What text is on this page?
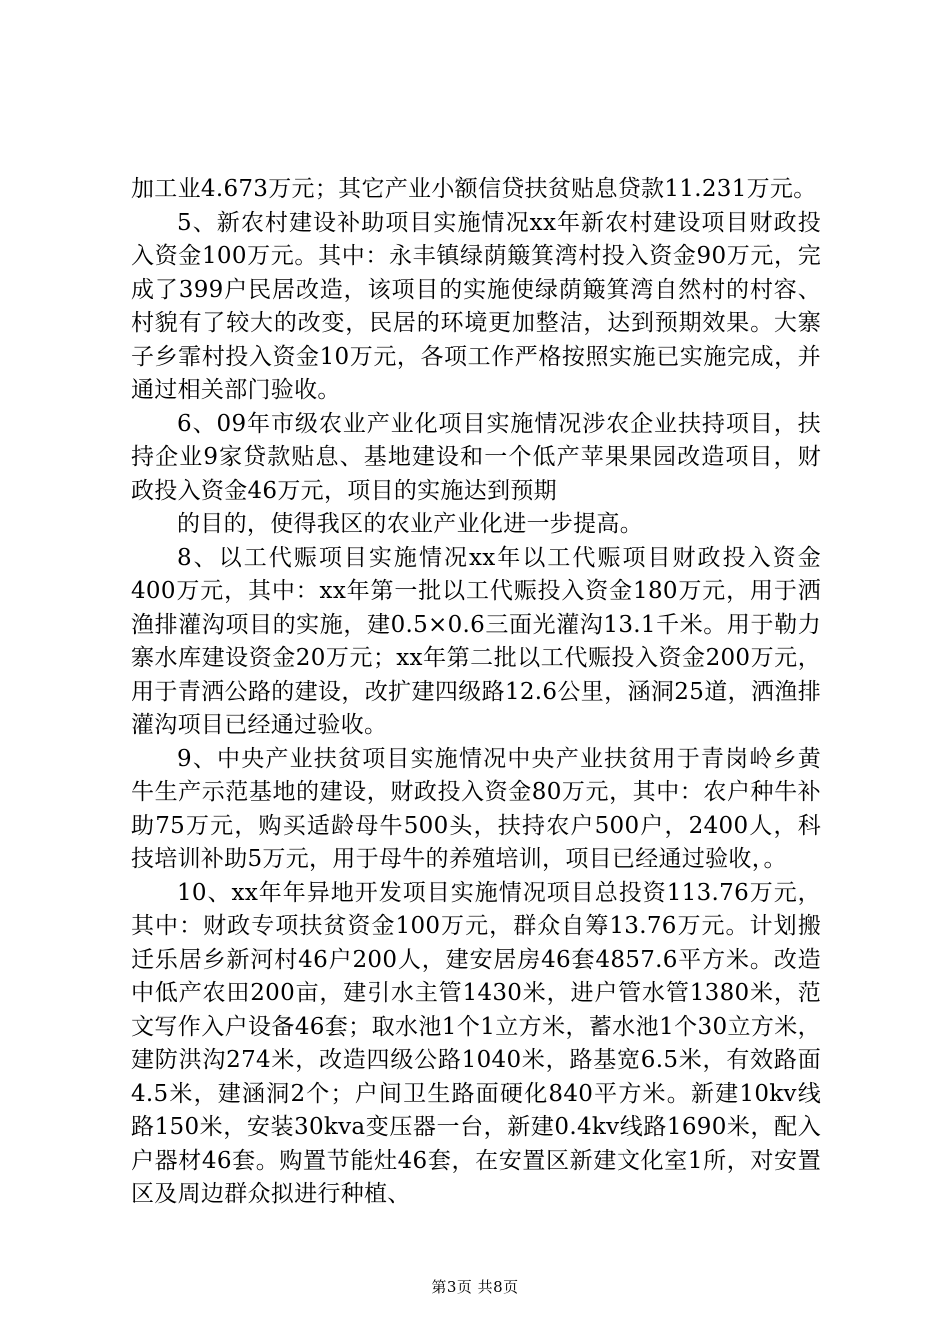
加工业4.673万元；其它产业小额信贷扶贫贴息贷款11.231万元。

5、新农村建设补助项目实施情况xx年新农村建设项目财政投入资金100万元。其中：永丰镇绿荫簸箕湾村投入资金90万元，完成了399户民居改造，该项目的实施使绿荫簸箕湾自然村的村容、村貌有了较大的改变，民居的环境更加整洁，达到预期效果。大寨子乡霏村投入资金10万元，各项工作严格按照实施已实施完成，并通过相关部门验收。

6、09年市级农业产业化项目实施情况涉农企业扶持项目，扶持企业9家贷款贴息、基地建设和一个低产苹果果园改造项目，财政投入资金46万元，项目的实施达到预期

的目的，使得我区的农业产业化进一步提高。

8、以工代赈项目实施情况xx年以工代赈项目财政投入资金400万元，其中：xx年第一批以工代赈投入资金180万元，用于洒渔排灌沟项目的实施，建0.5×0.6三面光灌沟13.1千米。用于勒力寨水库建设资金20万元；xx年第二批以工代赈投入资金200万元，用于青洒公路的建设，改扩建四级路12.6公里，涵洞25道，洒渔排灌沟项目已经通过验收。

9、中央产业扶贫项目实施情况中央产业扶贫用于青岗岭乡黄牛生产示范基地的建设，财政投入资金80万元，其中：农户种牛补助75万元，购买适龄母牛500头，扶持农户500户，2400人，科技培训补助5万元，用于母牛的养殖培训，项目已经通过验收，。

10、xx年年异地开发项目实施情况项目总投资113.76万元，其中：财政专项扶贫资金100万元，群众自筹13.76万元。计划搬迁乐居乡新河村46户200人，建安居房46套4857.6平方米。改造中低产农田200亩，建引水主管1430米，进户管水管1380米，范文写作入户设备46套；取水池1个1立方米，蓄水池1个30立方米，建防洪沟274米，改造四级公路1040米，路基宽6.5米，有效路面4.5米，建涵洞2个；户间卫生路面硬化840平方米。新建10kv线路150米，安装30kva变压器一台，新建0.4kv线路1690米，配入户器材46套。购置节能灶46套，在安置区新建文化室1所，对安置区及周边群众拟进行种植、

第3页 共8页
